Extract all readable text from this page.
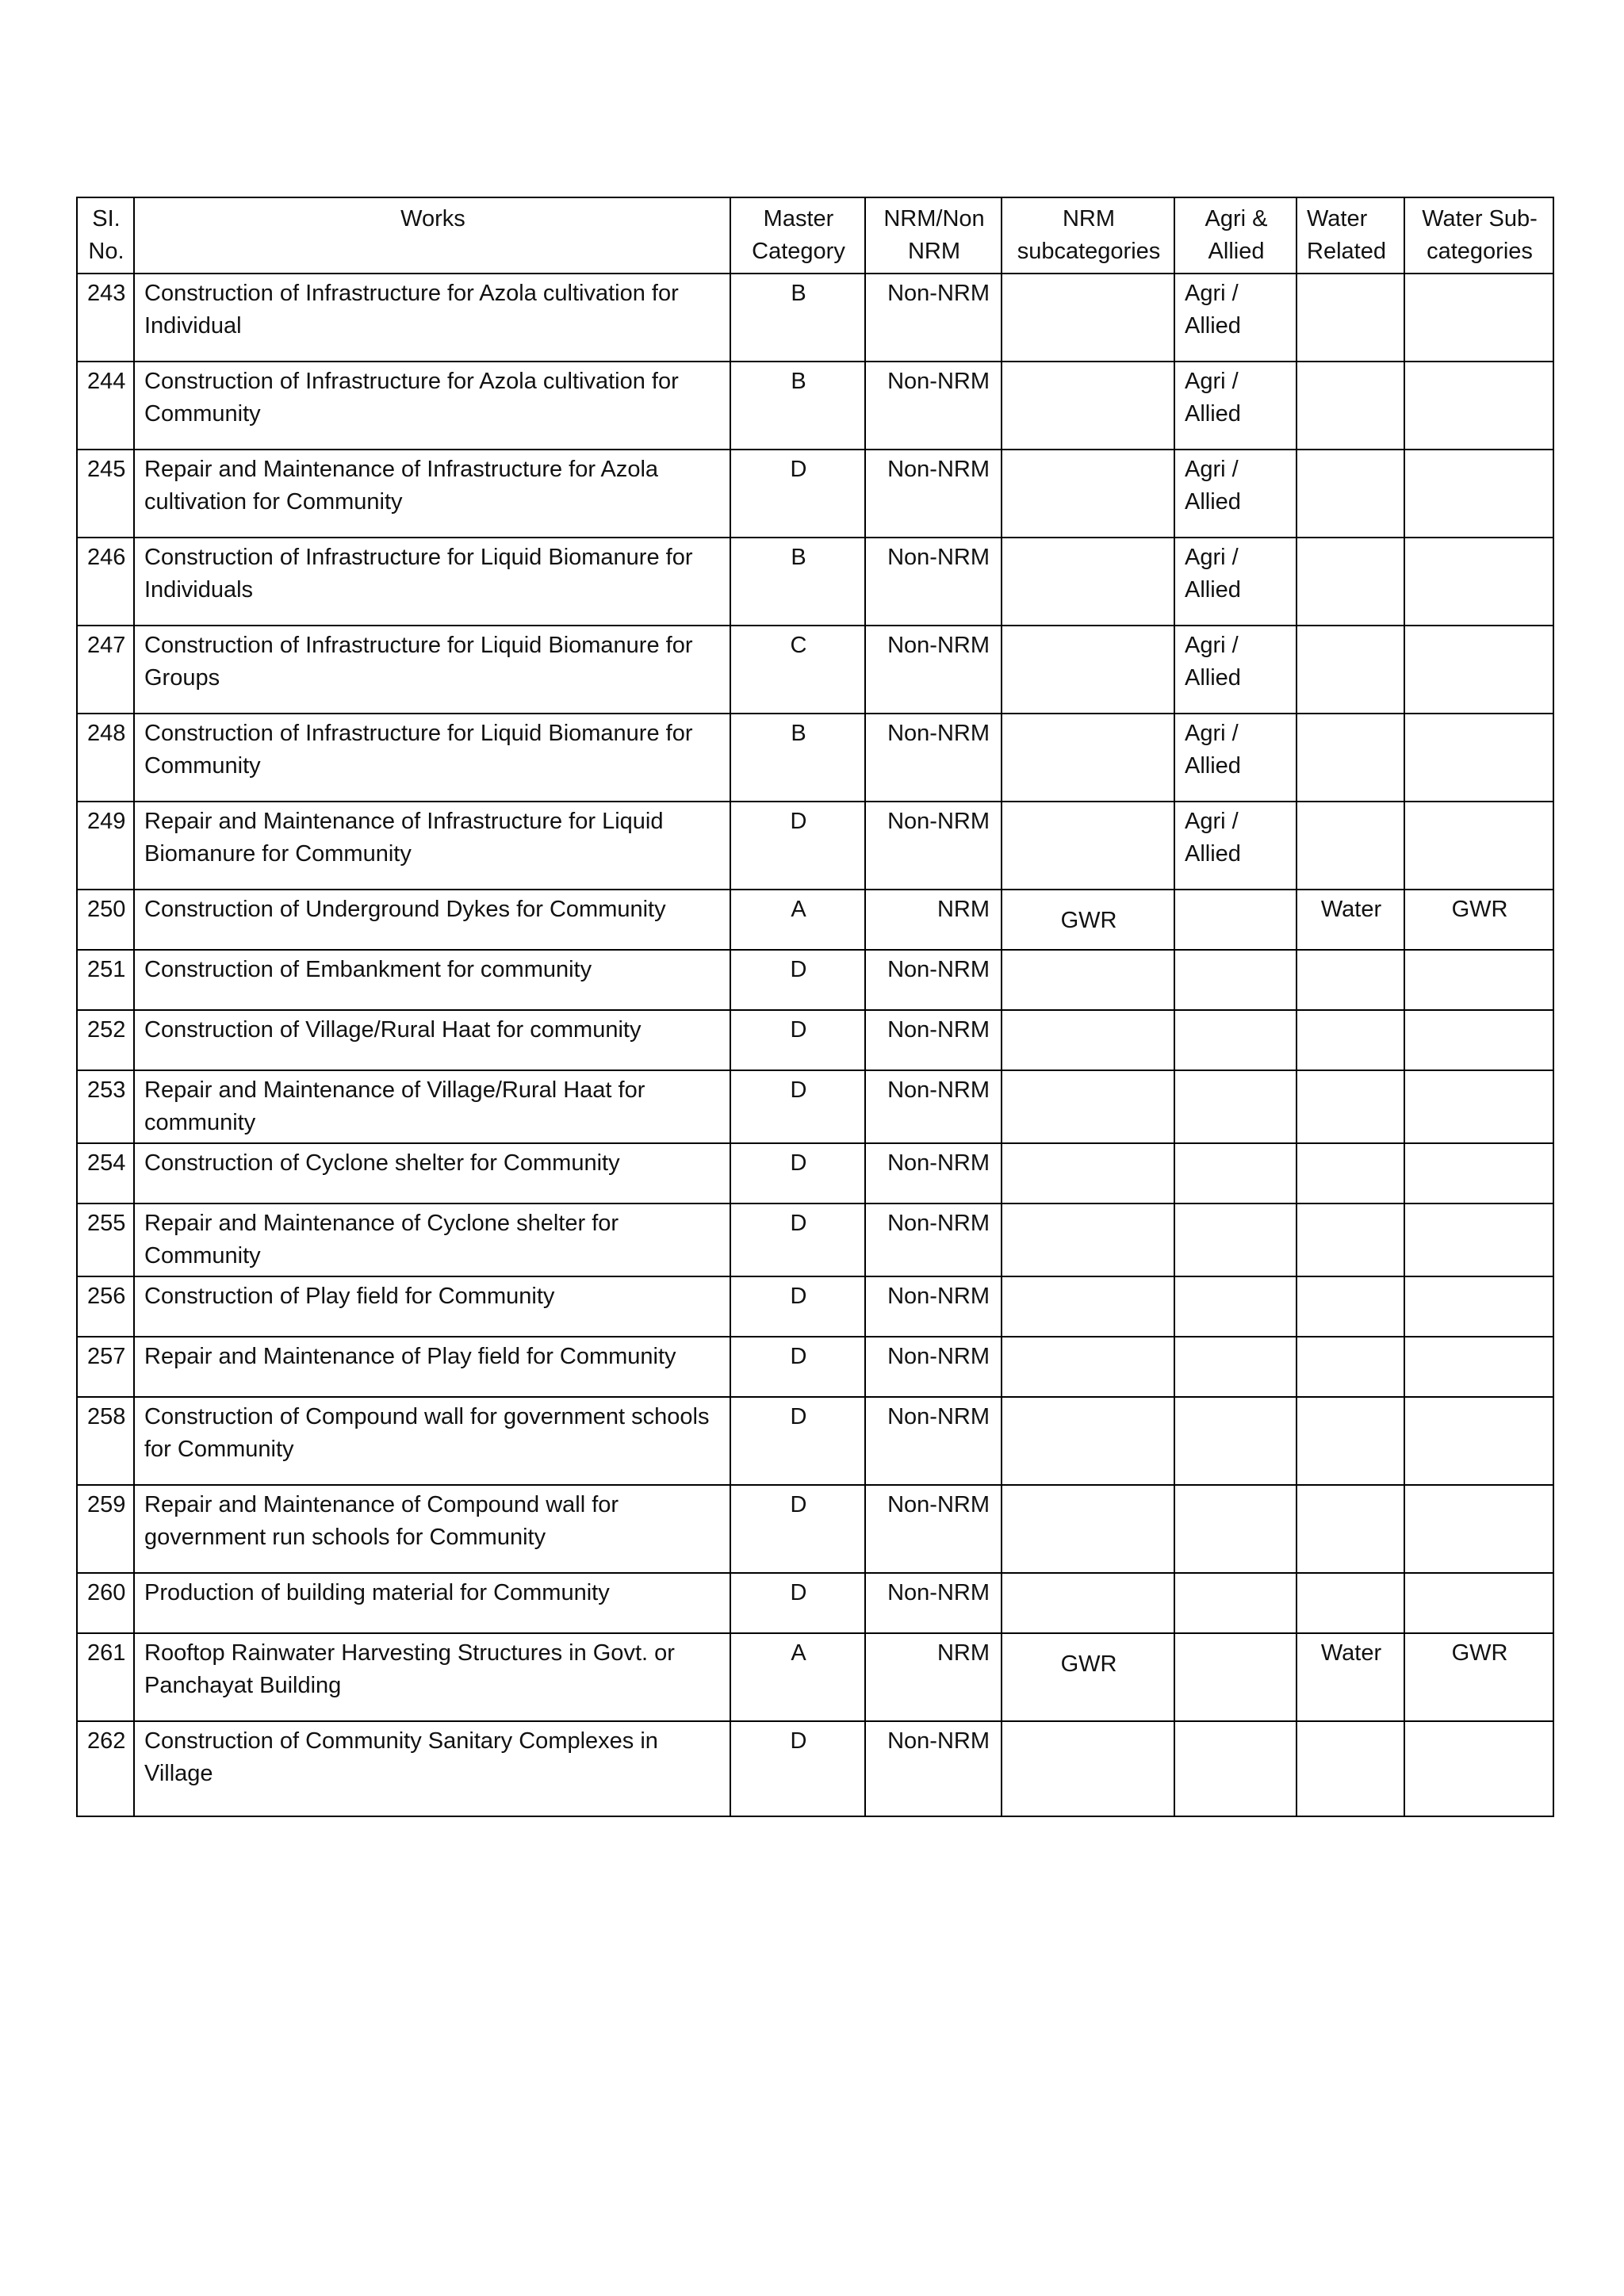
SI. No.	Works	Master Category	NRM/Non NRM	NRM subcategories	Agri & Allied	Water Related	Water Sub- categories
243	Construction of Infrastructure for Azola cultivation for Individual	B	Non-NRM		Agri / Allied		
244	Construction of Infrastructure for Azola cultivation for Community	B	Non-NRM		Agri / Allied		
245	Repair and Maintenance of Infrastructure for Azola cultivation for Community	D	Non-NRM		Agri / Allied		
246	Construction of Infrastructure for Liquid Biomanure for Individuals	B	Non-NRM		Agri / Allied		
247	Construction of Infrastructure for Liquid Biomanure for Groups	C	Non-NRM		Agri / Allied		
248	Construction of Infrastructure for Liquid Biomanure for Community	B	Non-NRM		Agri / Allied		
249	Repair and Maintenance of Infrastructure for Liquid Biomanure for Community	D	Non-NRM		Agri / Allied		
250	Construction of Underground Dykes for Community	A	NRM	GWR		Water	GWR
251	Construction of Embankment for community	D	Non-NRM				
252	Construction of Village/Rural Haat for community	D	Non-NRM				
253	Repair and Maintenance of Village/Rural Haat for community	D	Non-NRM				
254	Construction of Cyclone shelter for Community	D	Non-NRM				
255	Repair and Maintenance of Cyclone shelter for Community	D	Non-NRM				
256	Construction of Play field for Community	D	Non-NRM				
257	Repair and Maintenance of Play field for Community	D	Non-NRM				
258	Construction of Compound wall for government schools for Community	D	Non-NRM				
259	Repair and Maintenance of Compound wall for government run schools for Community	D	Non-NRM				
260	Production of building material for Community	D	Non-NRM				
261	Rooftop Rainwater Harvesting Structures in Govt. or Panchayat Building	A	NRM	GWR		Water	GWR
262	Construction of Community Sanitary Complexes in Village	D	Non-NRM				
